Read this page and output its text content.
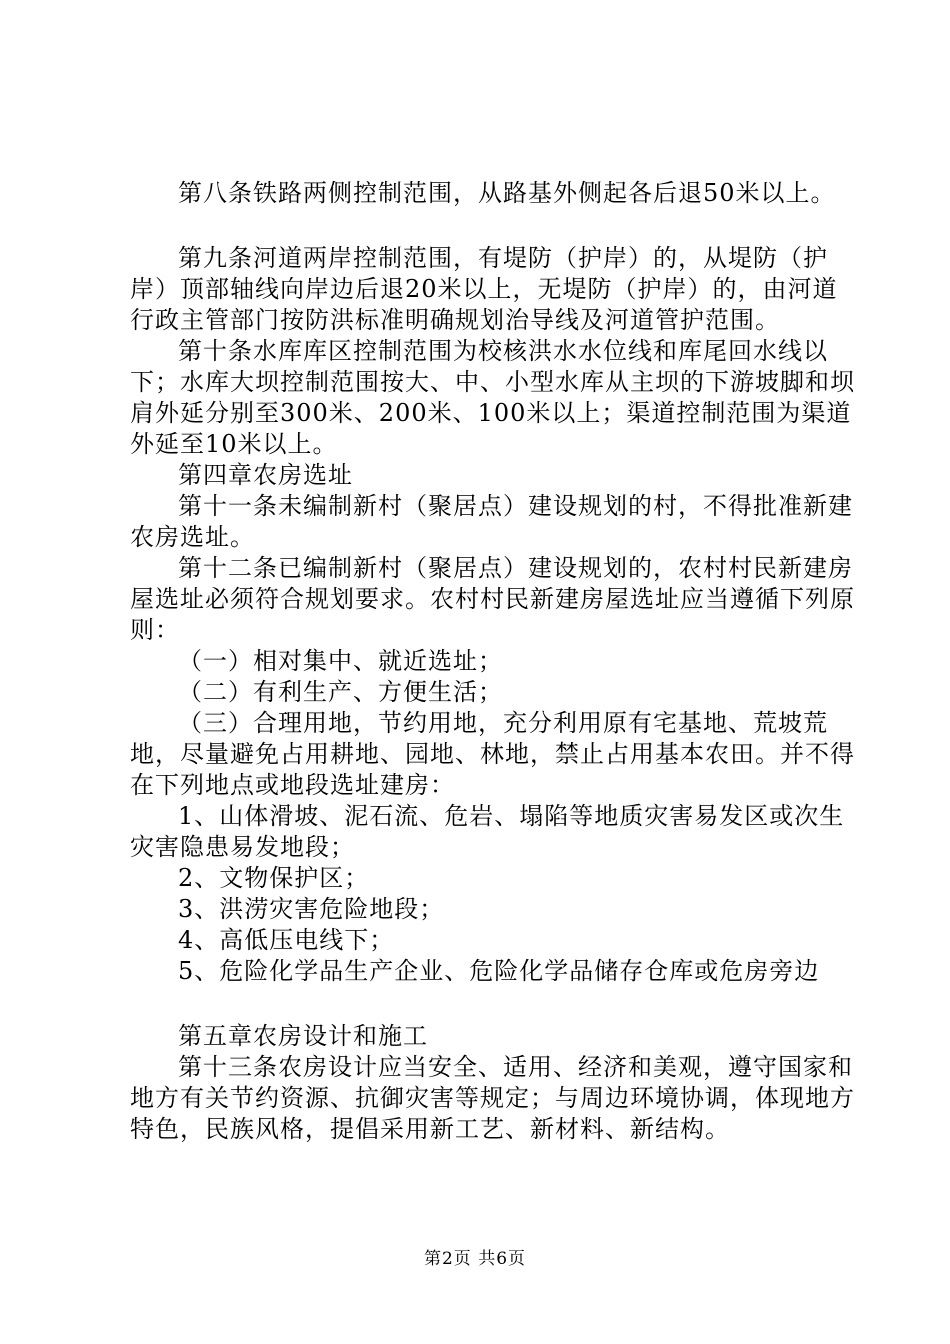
第八条铁路两侧控制范围，从路基外侧起各后退50米以上。

第九条河道两岸控制范围，有堤防（护岸）的，从堤防（护岸）顶部轴线向岸边后退20米以上，无堤防（护岸）的，由河道行政主管部门按防洪标准明确规划治导线及河道管护范围。

第十条水库库区控制范围为校核洪水水位线和库尾回水线以下；水库大坝控制范围按大、中、小型水库从主坝的下游坡脚和坝肩外延分别至300米、200米、100米以上；渠道控制范围为渠道外延至10米以上。

第四章农房选址

第十一条未编制新村（聚居点）建设规划的村，不得批准新建农房选址。

第十二条已编制新村（聚居点）建设规划的，农村村民新建房屋选址必须符合规划要求。农村村民新建房屋选址应当遵循下列原则：

（一）相对集中、就近选址；

（二）有利生产、方便生活；

（三）合理用地，节约用地，充分利用原有宅基地、荒坡荒地，尽量避免占用耕地、园地、林地，禁止占用基本农田。并不得在下列地点或地段选址建房：

1、山体滑坡、泥石流、危岩、塌陷等地质灾害易发区或次生灾害隐患易发地段；

2、文物保护区；

3、洪涝灾害危险地段；

4、高低压电线下；

5、危险化学品生产企业、危险化学品储存仓库或危房旁边

第五章农房设计和施工

第十三条农房设计应当安全、适用、经济和美观，遵守国家和地方有关节约资源、抗御灾害等规定；与周边环境协调，体现地方特色，民族风格，提倡采用新工艺、新材料、新结构。

第2页 共6页
